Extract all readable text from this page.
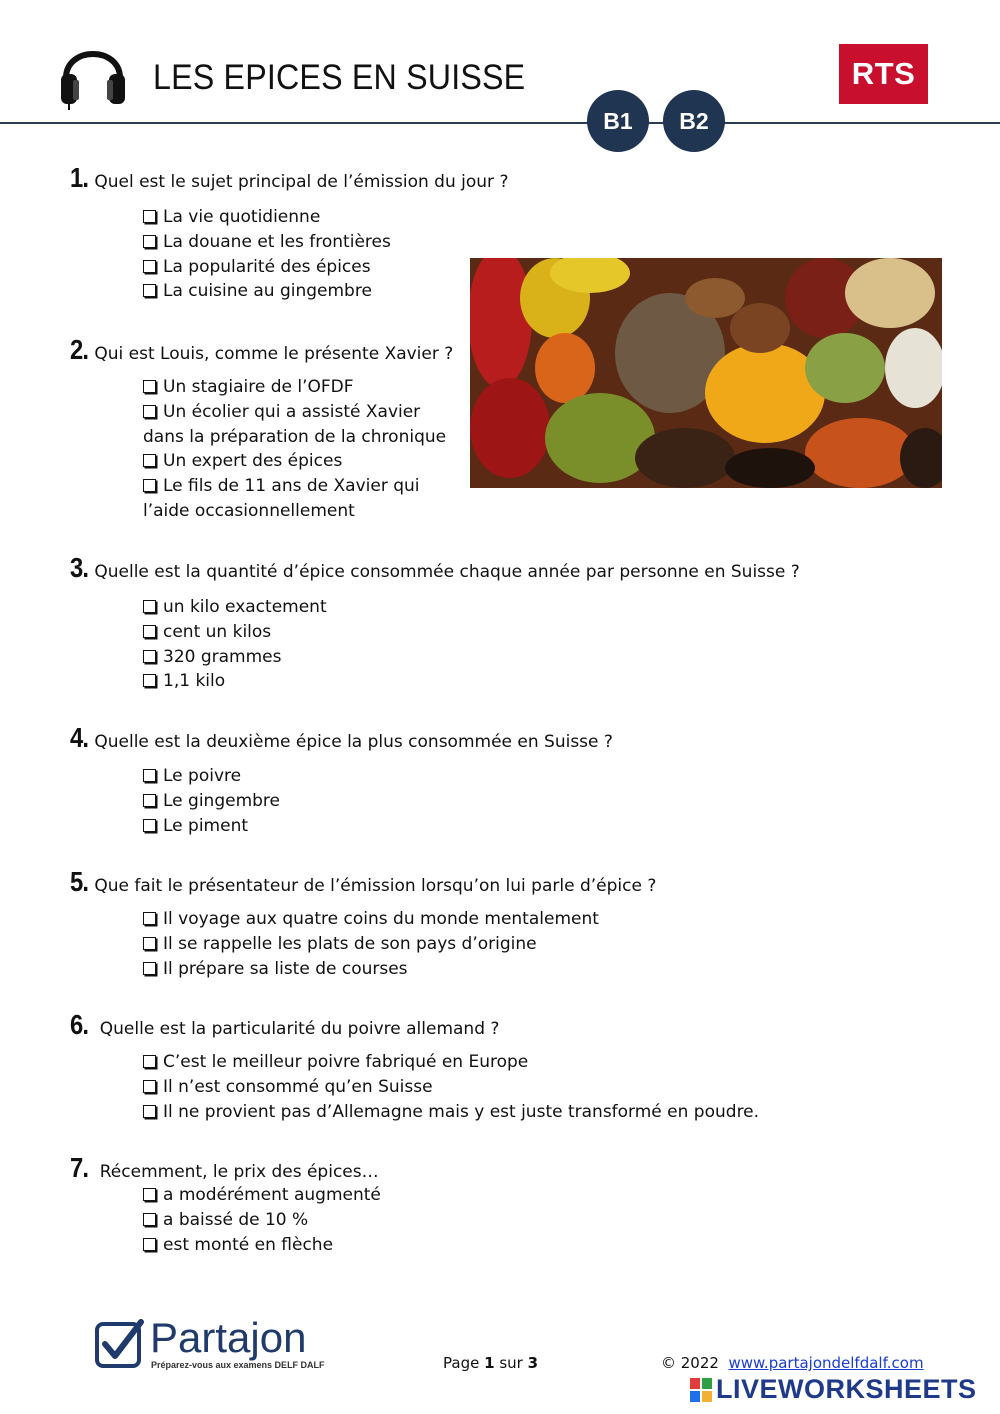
LES EPICES EN SUISSE	RTS
B1	B2
1. Quel est le sujet principal de l’émission du jour ?
La vie quotidienne
La douane et les frontières
La popularité des épices
La cuisine au gingembre
2. Qui est Louis, comme le présente Xavier ?
Un stagiaire de l’OFDF
Un écolier qui a assisté Xavier
dans la préparation de la chronique
Un expert des épices
Le fils de 11 ans de Xavier qui
l’aide occasionnellement
3. Quelle est la quantité d’épice consommée chaque année par personne en Suisse ?
un kilo exactement
cent un kilos
320 grammes
1,1 kilo
4. Quelle est la deuxième épice la plus consommée en Suisse ?
Le poivre
Le gingembre
Le piment
5. Que fait le présentateur de l’émission lorsqu’on lui parle d’épice ?
Il voyage aux quatre coins du monde mentalement
Il se rappelle les plats de son pays d’origine
Il prépare sa liste de courses
6. Quelle est la particularité du poivre allemand ?
C’est le meilleur poivre fabriqué en Europe
Il n’est consommé qu’en Suisse
Il ne provient pas d’Allemagne mais y est juste transformé en poudre.
7. Récemment, le prix des épices…
a modérément augmenté
a baissé de 10 %
est monté en flèche
Partajon
Préparez-vous aux examens DELF DALF	Page 1 sur 3	© 2022 www.partajondelfdalf.com
LIVEWORKSHEETS
